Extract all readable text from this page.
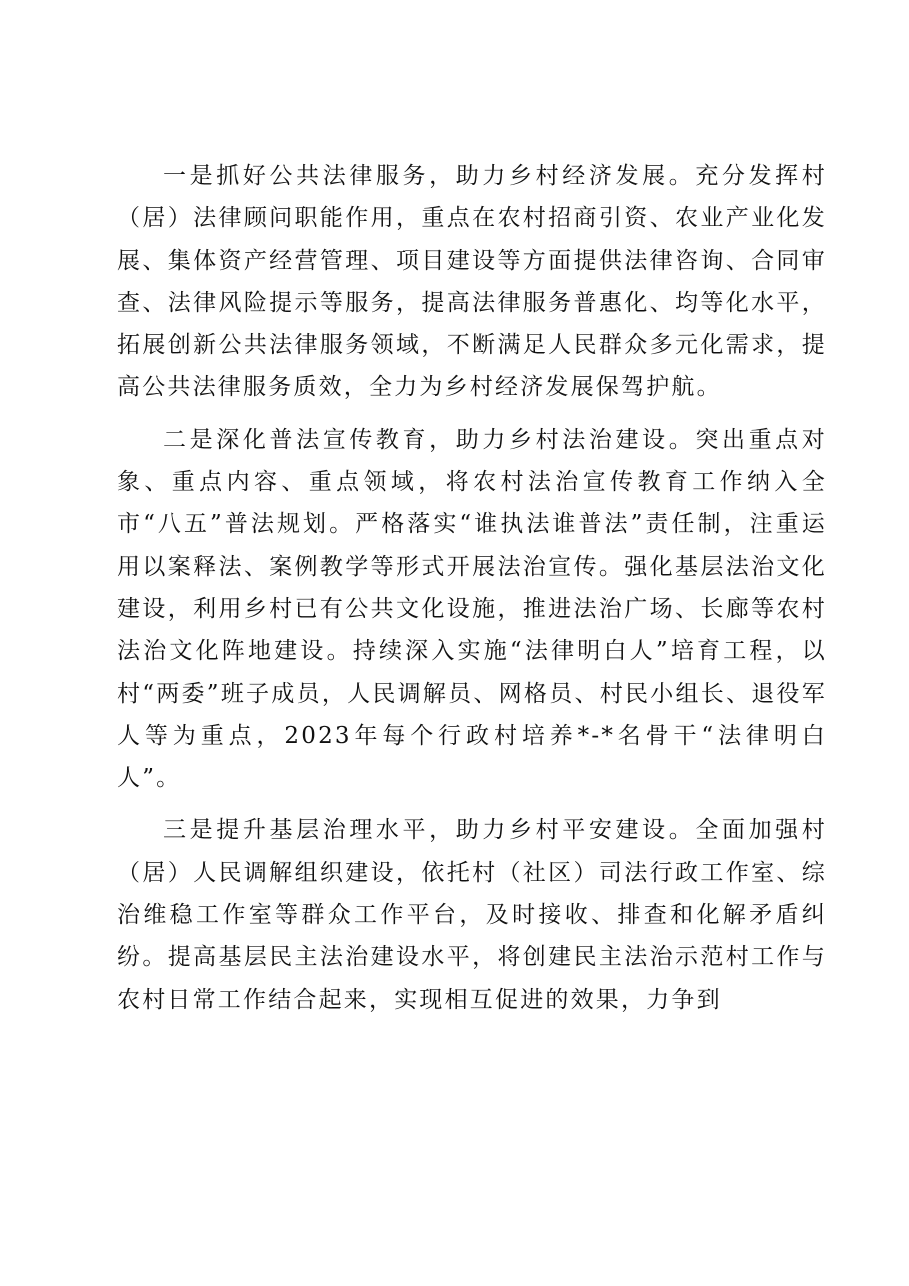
一是抓好公共法律服务，助力乡村经济发展。充分发挥村（居）法律顾问职能作用，重点在农村招商引资、农业产业化发展、集体资产经营管理、项目建设等方面提供法律咨询、合同审查、法律风险提示等服务，提高法律服务普惠化、均等化水平，拓展创新公共法律服务领域，不断满足人民群众多元化需求，提高公共法律服务质效，全力为乡村经济发展保驾护航。

二是深化普法宣传教育，助力乡村法治建设。突出重点对象、重点内容、重点领域，将农村法治宣传教育工作纳入全市“八五”普法规划。严格落实“谁执法谁普法”责任制，注重运用以案释法、案例教学等形式开展法治宣传。强化基层法治文化建设，利用乡村已有公共文化设施，推进法治广场、长廊等农村法治文化阵地建设。持续深入实施“法律明白人”培育工程，以村“两委”班子成员，人民调解员、网格员、村民小组长、退役军人等为重点，2023年每个行政村培养*-*名骨干“法律明白人”。

三是提升基层治理水平，助力乡村平安建设。全面加强村（居）人民调解组织建设，依托村（社区）司法行政工作室、综治维稳工作室等群众工作平台，及时接收、排查和化解矛盾纠纷。提高基层民主法治建设水平，将创建民主法治示范村工作与农村日常工作结合起来，实现相互促进的效果，力争到
